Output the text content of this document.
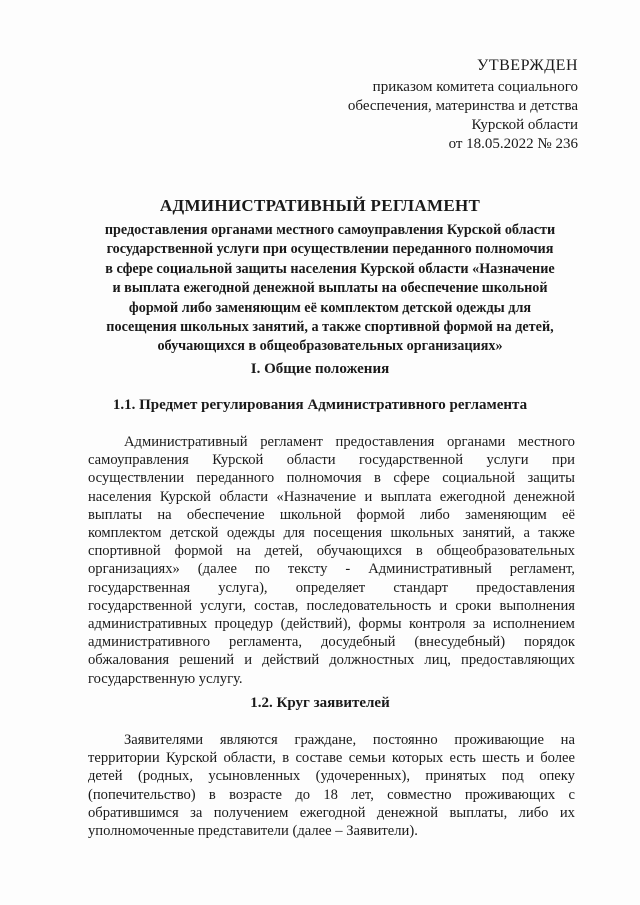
УТВЕРЖДЕН
приказом комитета социального
обеспечения, материнства и детства
Курской области
от 18.05.2022 № 236
АДМИНИСТРАТИВНЫЙ РЕГЛАМЕНТ
предоставления органами местного самоуправления Курской области
государственной услуги при осуществлении переданного полномочия
в сфере социальной защиты населения Курской области «Назначение
и выплата ежегодной денежной выплаты на обеспечение школьной
формой либо заменяющим её комплектом детской одежды для
посещения школьных занятий, а также спортивной формой на детей,
обучающихся в общеобразовательных организациях»
I. Общие положения
1.1. Предмет регулирования Административного регламента
Административный регламент предоставления органами местного
самоуправления Курской области государственной услуги при
осуществлении переданного полномочия в сфере социальной защиты
населения Курской области «Назначение и выплата ежегодной денежной
выплаты на обеспечение школьной формой либо заменяющим её
комплектом детской одежды для посещения школьных занятий, а также
спортивной формой на детей, обучающихся в общеобразовательных
организациях» (далее по тексту - Административный регламент,
государственная услуга), определяет стандарт предоставления
государственной услуги, состав, последовательность и сроки выполнения
административных процедур (действий), формы контроля за исполнением
административного регламента, досудебный (внесудебный) порядок
обжалования решений и действий должностных лиц, предоставляющих
государственную услугу.
1.2. Круг заявителей
Заявителями являются граждане, постоянно проживающие на
территории Курской области, в составе семьи которых есть шесть и более
детей (родных, усыновленных (удочеренных), принятых под опеку
(попечительство) в возрасте до 18 лет, совместно проживающих с
обратившимся за получением ежегодной денежной выплаты, либо их
уполномоченные представители (далее – Заявители).
